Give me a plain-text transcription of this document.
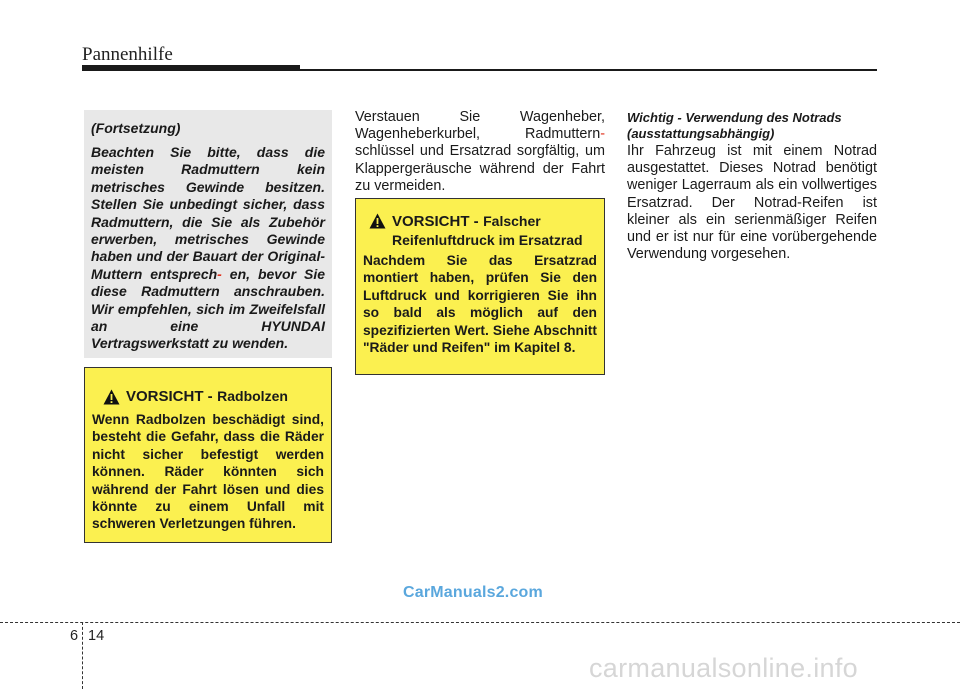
Pannenhilfe

(Fortsetzung)

Beachten Sie bitte, dass die meisten Radmuttern kein metrisches Gewinde besitzen. Stellen Sie unbedingt sicher, dass Radmuttern, die Sie als Zubehör erwerben, metrisches Gewinde haben und der Bauart der Original-Muttern entsprech- en, bevor Sie diese Radmuttern anschrauben. Wir empfehlen, sich im Zweifelsfall an eine HYUNDAI Vertragswerkstatt zu wenden.

VORSICHT - Radbolzen

Wenn Radbolzen beschädigt sind, besteht die Gefahr, dass die Räder nicht sicher befestigt werden können. Räder könnten sich während der Fahrt lösen und dies könnte zu einem Unfall mit schweren Verletzungen führen.

Verstauen Sie Wagenheber, Wagenheberkurbel, Radmuttern- schlüssel und Ersatzrad sorgfältig, um Klappergeräusche während der Fahrt zu vermeiden.

VORSICHT - Falscher
Reifenluftdruck im Ersatzrad

Nachdem Sie das Ersatzrad montiert haben, prüfen Sie den Luftdruck und korrigieren Sie ihn so bald als möglich auf den spezifizierten Wert. Siehe Abschnitt "Räder und Reifen" im Kapitel 8.

Wichtig - Verwendung des Notrads (ausstattungsabhängig)

Ihr Fahrzeug ist mit einem Notrad ausgestattet. Dieses Notrad benötigt weniger Lagerraum als ein vollwertiges Ersatzrad. Der Notrad-Reifen ist kleiner als ein serienmäßiger Reifen und er ist nur für eine vorübergehende Verwendung vorgesehen.

CarManuals2.com
6 14
carmanualsonline.info
